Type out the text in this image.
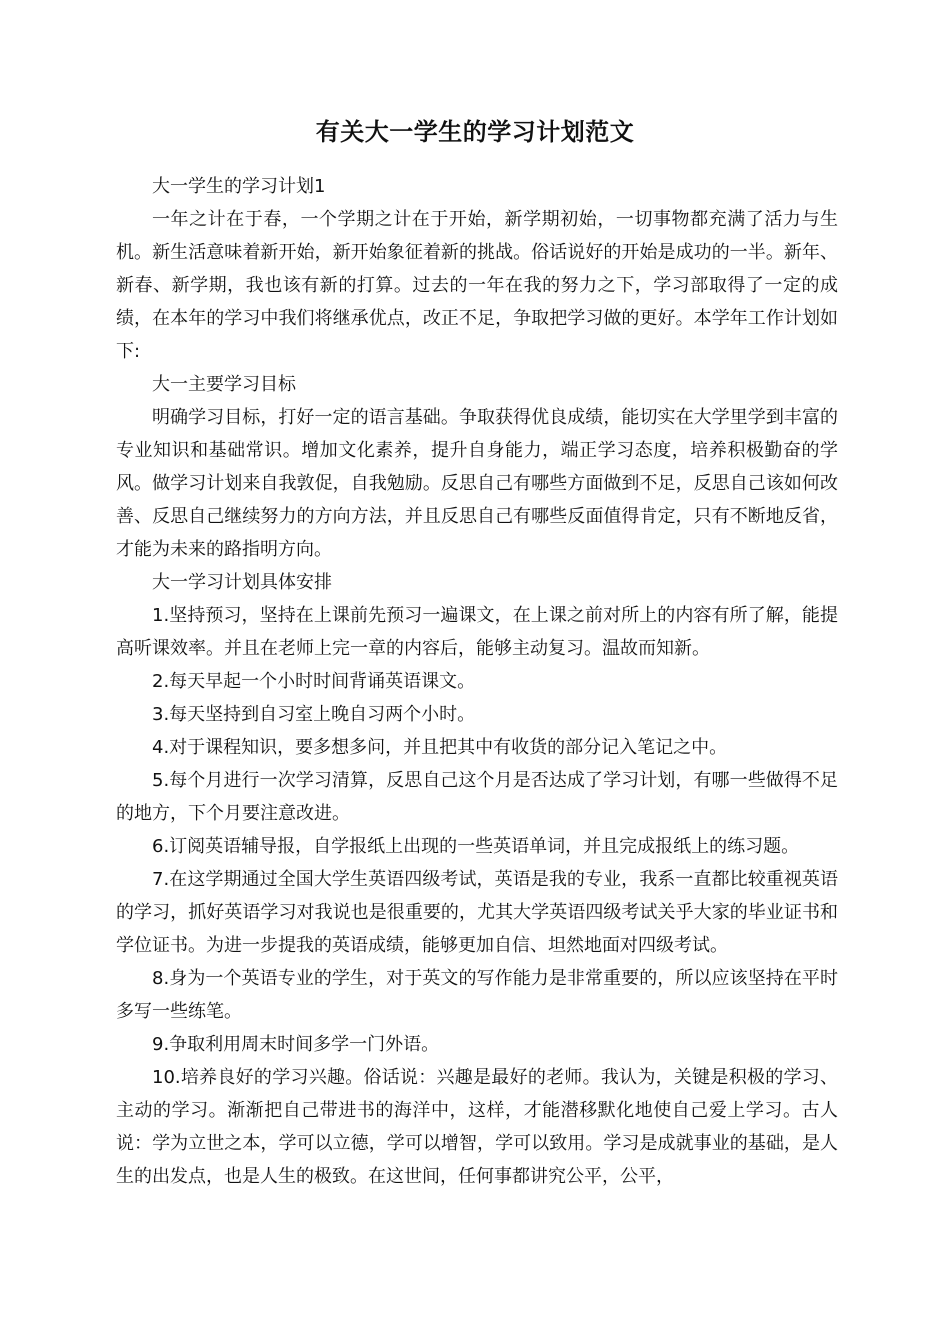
有关大一学生的学习计划范文

大一学生的学习计划1

一年之计在于春，一个学期之计在于开始，新学期初始，一切事物都充满了活力与生机。新生活意味着新开始，新开始象征着新的挑战。俗话说好的开始是成功的一半。新年、新春、新学期，我也该有新的打算。过去的一年在我的努力之下，学习部取得了一定的成绩，在本年的学习中我们将继承优点，改正不足，争取把学习做的更好。本学年工作计划如下:

大一主要学习目标

明确学习目标，打好一定的语言基础。争取获得优良成绩，能切实在大学里学到丰富的专业知识和基础常识。增加文化素养，提升自身能力，端正学习态度，培养积极勤奋的学风。做学习计划来自我敦促，自我勉励。反思自己有哪些方面做到不足，反思自己该如何改善、反思自己继续努力的方向方法，并且反思自己有哪些反面值得肯定，只有不断地反省，才能为未来的路指明方向。

大一学习计划具体安排

1.坚持预习，坚持在上课前先预习一遍课文，在上课之前对所上的内容有所了解，能提高听课效率。并且在老师上完一章的内容后，能够主动复习。温故而知新。

2.每天早起一个小时时间背诵英语课文。

3.每天坚持到自习室上晚自习两个小时。

4.对于课程知识，要多想多问，并且把其中有收货的部分记入笔记之中。

5.每个月进行一次学习清算，反思自己这个月是否达成了学习计划，有哪一些做得不足的地方，下个月要注意改进。

6.订阅英语辅导报，自学报纸上出现的一些英语单词，并且完成报纸上的练习题。

7.在这学期通过全国大学生英语四级考试，英语是我的专业，我系一直都比较重视英语的学习，抓好英语学习对我说也是很重要的，尤其大学英语四级考试关乎大家的毕业证书和学位证书。为进一步提我的英语成绩，能够更加自信、坦然地面对四级考试。

8.身为一个英语专业的学生，对于英文的写作能力是非常重要的，所以应该坚持在平时多写一些练笔。

9.争取利用周末时间多学一门外语。

10.培养良好的学习兴趣。俗话说：兴趣是最好的老师。我认为，关键是积极的学习、主动的学习。渐渐把自己带进书的海洋中，这样，才能潜移默化地使自己爱上学习。古人说：学为立世之本，学可以立德，学可以增智，学可以致用。学习是成就事业的基础，是人生的出发点，也是人生的极致。在这世间，任何事都讲究公平，公平，
